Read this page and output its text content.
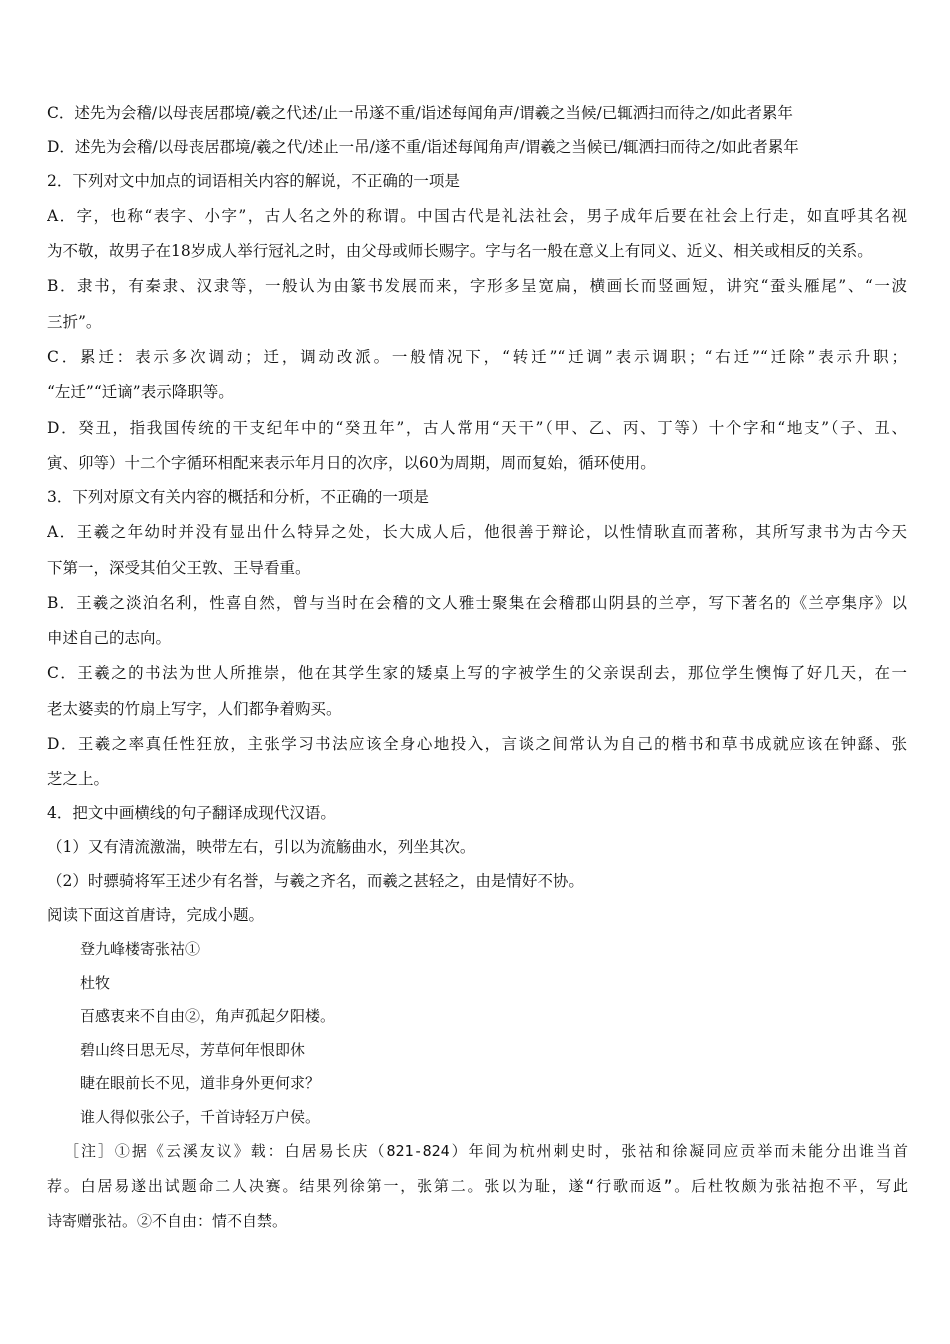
C．述先为会稽/以母丧居郡境/羲之代述/止一吊遂不重/诣述每闻角声/谓羲之当候/已辄洒扫而待之/如此者累年
D．述先为会稽/以母丧居郡境/羲之代/述止一吊/遂不重/诣述每闻角声/谓羲之当候已/辄洒扫而待之/如此者累年
2．下列对文中加点的词语相关内容的解说，不正确的一项是
A．字，也称“表字、小字”，古人名之外的称谓。中国古代是礼法社会，男子成年后要在社会上行走，如直呼其名视
为不敬，故男子在18岁成人举行冠礼之时，由父母或师长赐字。字与名一般在意义上有同义、近义、相关或相反的关系。
B．隶书，有秦隶、汉隶等，一般认为由篆书发展而来，字形多呈宽扁，横画长而竖画短，讲究“蚕头雁尾”、“一波
三折”。
C．累迁：表示多次调动；迁，调动改派。一般情况下，“转迁”“迁调”表示调职；“右迁”“迁除”表示升职；
“左迁”“迁谪”表示降职等。
D．癸丑，指我国传统的干支纪年中的“癸丑年”，古人常用“天干”（甲、乙、丙、丁等）十个字和“地支”（子、丑、
寅、卯等）十二个字循环相配来表示年月日的次序，以60为周期，周而复始，循环使用。
3．下列对原文有关内容的概括和分析，不正确的一项是
A．王羲之年幼时并没有显出什么特异之处，长大成人后，他很善于辩论，以性情耿直而著称，其所写隶书为古今天
下第一，深受其伯父王敦、王导看重。
B．王羲之淡泊名利，性喜自然，曾与当时在会稽的文人雅士聚集在会稽郡山阴县的兰亭，写下著名的《兰亭集序》以
申述自己的志向。
C．王羲之的书法为世人所推崇，他在其学生家的矮桌上写的字被学生的父亲误刮去，那位学生懊悔了好几天，在一
老太婆卖的竹扇上写字，人们都争着购买。
D．王羲之率真任性狂放，主张学习书法应该全身心地投入，言谈之间常认为自己的楷书和草书成就应该在钟繇、张
芝之上。
4．把文中画横线的句子翻译成现代汉语。
（1）又有清流激湍，映带左右，引以为流觞曲水，列坐其次。
（2）时骠骑将军王述少有名誉，与羲之齐名，而羲之甚轻之，由是情好不协。
阅读下面这首唐诗，完成小题。
登九峰楼寄张祜①
杜牧
百感衷来不自由②，角声孤起夕阳楼。
碧山终日思无尽，芳草何年恨即休
睫在眼前长不见，道非身外更何求？
谁人得似张公子，千首诗轻万户侯。
［注］①据《云溪友议》载：白居易长庆（821-824）年间为杭州刺史时，张祜和徐凝同应贡举而未能分出谁当首
荐。白居易遂出试题命二人决赛。结果列徐第一，张第二。张以为耻，遂“行歌而返”。后杜牧颇为张祜抱不平，写此
诗寄赠张祜。②不自由：情不自禁。
